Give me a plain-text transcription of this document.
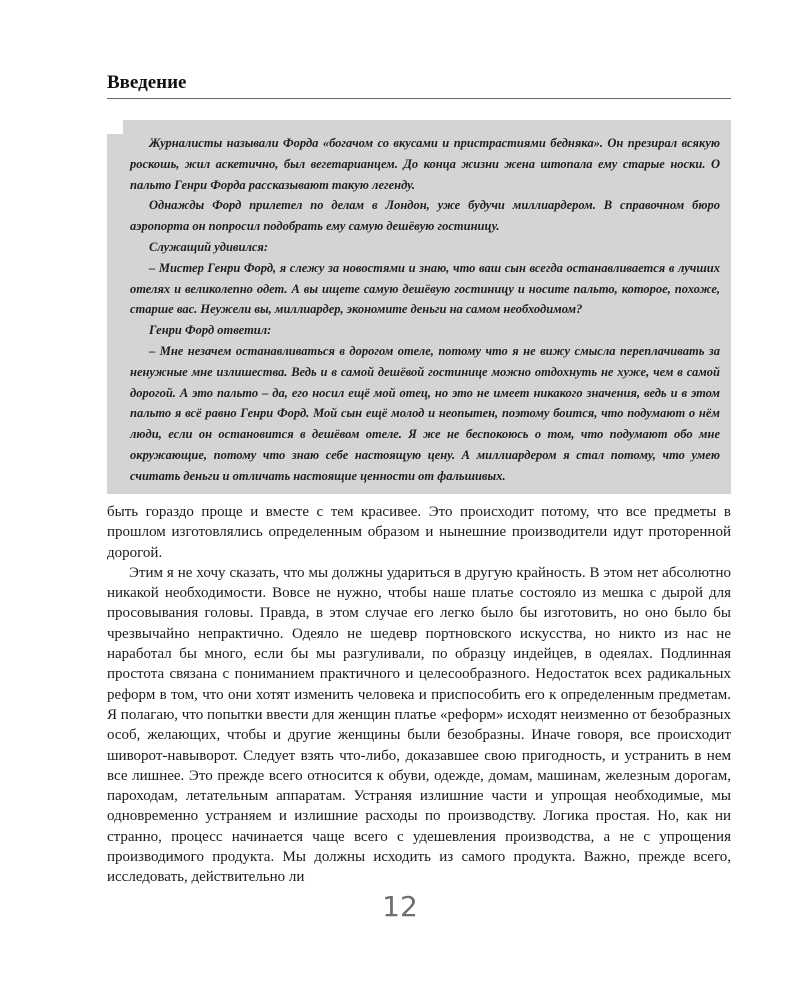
Введение

Журналисты называли Форда «богачом со вкусами и пристрастиями бедняка». Он презирал всякую роскошь, жил аскетично, был вегетарианцем. До конца жизни жена штопала ему старые носки. О пальто Генри Форда рассказывают такую легенду.

Однажды Форд прилетел по делам в Лондон, уже будучи миллиардером. В справочном бюро аэропорта он попросил подобрать ему самую дешёвую гостиницу.

Служащий удивился:

– Мистер Генри Форд, я слежу за новостями и знаю, что ваш сын всегда останавливается в лучших отелях и великолепно одет. А вы ищете самую дешёвую гостиницу и носите пальто, которое, похоже, старше вас. Неужели вы, миллиардер, экономите деньги на самом необходимом?

Генри Форд ответил:

– Мне незачем останавливаться в дорогом отеле, потому что я не вижу смысла переплачивать за ненужные мне излишества. Ведь и в самой дешёвой гостинице можно отдохнуть не хуже, чем в самой дорогой. А это пальто – да, его носил ещё мой отец, но это не имеет никакого значения, ведь и в этом пальто я всё равно Генри Форд. Мой сын ещё молод и неопытен, поэтому боится, что подумают о нём люди, если он остановится в дешёвом отеле. Я же не беспокоюсь о том, что подумают обо мне окружающие, потому что знаю себе настоящую цену. А миллиардером я стал потому, что умею считать деньги и отличать настоящие ценности от фальшивых.

быть гораздо проще и вместе с тем красивее. Это происходит потому, что все предметы в прошлом изготовлялись определенным образом и нынешние производители идут проторенной дорогой.

Этим я не хочу сказать, что мы должны удариться в другую крайность. В этом нет абсолютно никакой необходимости. Вовсе не нужно, чтобы наше платье состояло из мешка с дырой для просовывания головы. Правда, в этом случае его легко было бы изготовить, но оно было бы чрезвычайно непрактично. Одеяло не шедевр портновского искусства, но никто из нас не наработал бы много, если бы мы разгуливали, по образцу индейцев, в одеялах. Подлинная простота связана с пониманием практичного и целесообразного. Недостаток всех радикальных реформ в том, что они хотят изменить человека и приспособить его к определенным предметам. Я полагаю, что попытки ввести для женщин платье «реформ» исходят неизменно от безобразных особ, желающих, чтобы и другие женщины были безобразны. Иначе говоря, все происходит шиворот-навыворот. Следует взять что-либо, доказавшее свою пригодность, и устранить в нем все лишнее. Это прежде всего относится к обуви, одежде, домам, машинам, железным дорогам, пароходам, летательным аппаратам. Устраняя излишние части и упрощая необходимые, мы одновременно устраняем и излишние расходы по производству. Логика простая. Но, как ни странно, процесс начинается чаще всего с удешевления производства, а не с упрощения производимого продукта. Мы должны исходить из самого продукта. Важно, прежде всего, исследовать, действительно ли

12
